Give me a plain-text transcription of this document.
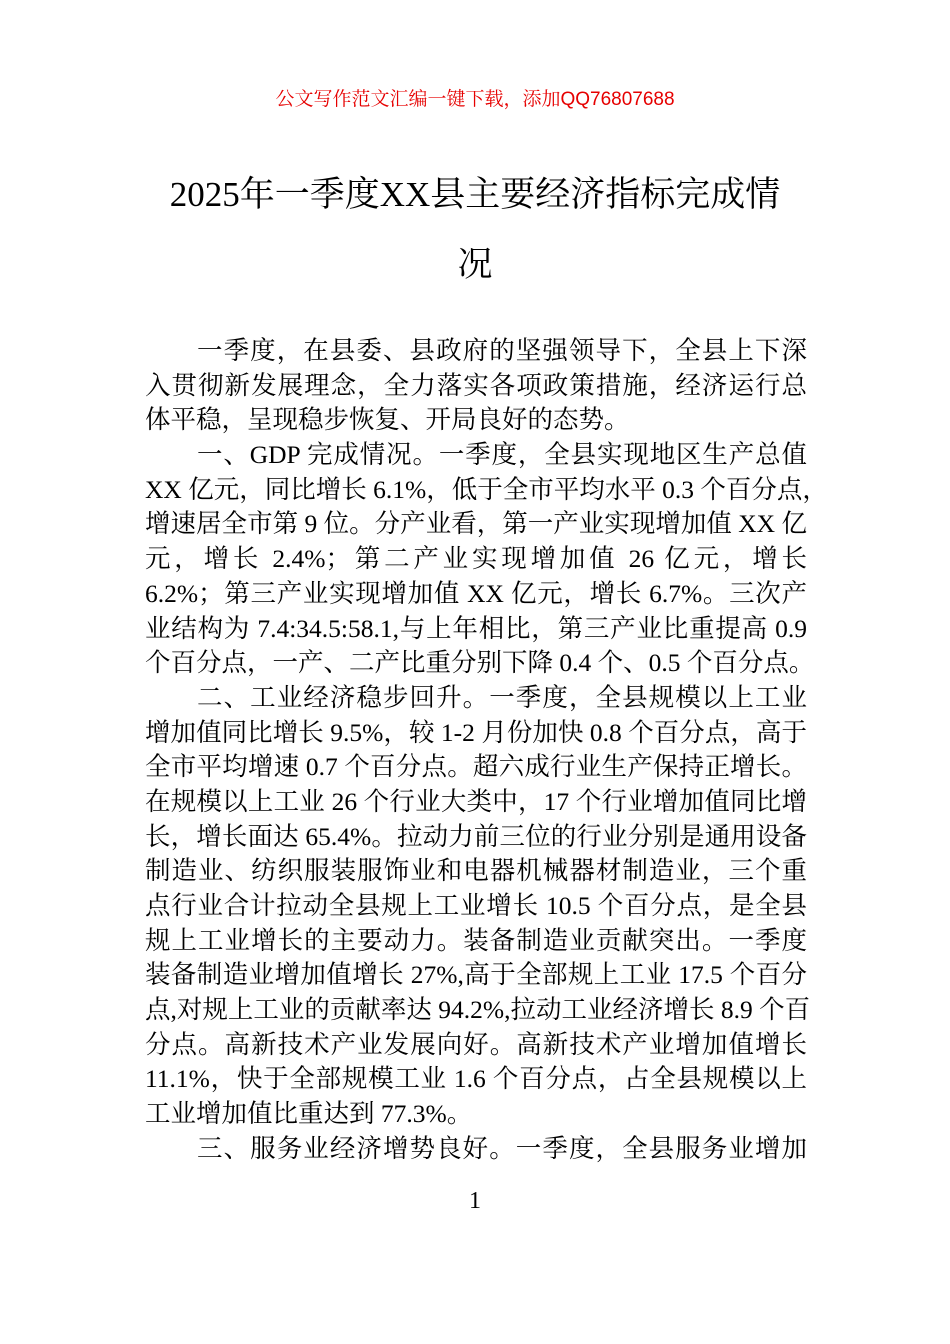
公文写作范文汇编一键下载，添加QQ76807688
2025年一季度XX县主要经济指标完成情
况
一季度，在县委、县政府的坚强领导下，全县上下深
入贯彻新发展理念，全力落实各项政策措施，经济运行总
体平稳，呈现稳步恢复、开局良好的态势。
一、GDP 完成情况。一季度，全县实现地区生产总值
XX 亿元，同比增长 6.1%，低于全市平均水平 0.3 个百分点，
增速居全市第 9 位。分产业看，第一产业实现增加值 XX 亿
元，增长 2.4%；第二产业实现增加值 26 亿元，增长
6.2%；第三产业实现增加值 XX 亿元，增长 6.7%。三次产
业结构为 7.4:34.5:58.1,与上年相比，第三产业比重提高 0.9
个百分点，一产、二产比重分别下降 0.4 个、0.5 个百分点。
二、工业经济稳步回升。一季度，全县规模以上工业
增加值同比增长 9.5%，较 1-2 月份加快 0.8 个百分点，高于
全市平均增速 0.7 个百分点。超六成行业生产保持正增长。
在规模以上工业 26 个行业大类中，17 个行业增加值同比增
长，增长面达 65.4%。拉动力前三位的行业分别是通用设备
制造业、纺织服装服饰业和电器机械器材制造业，三个重
点行业合计拉动全县规上工业增长 10.5 个百分点，是全县
规上工业增长的主要动力。装备制造业贡献突出。一季度
装备制造业增加值增长 27%,高于全部规上工业 17.5 个百分
点,对规上工业的贡献率达 94.2%,拉动工业经济增长 8.9 个百
分点。高新技术产业发展向好。高新技术产业增加值增长
11.1%，快于全部规模工业 1.6 个百分点，占全县规模以上
工业增加值比重达到 77.3%。
三、服务业经济增势良好。一季度，全县服务业增加
1
